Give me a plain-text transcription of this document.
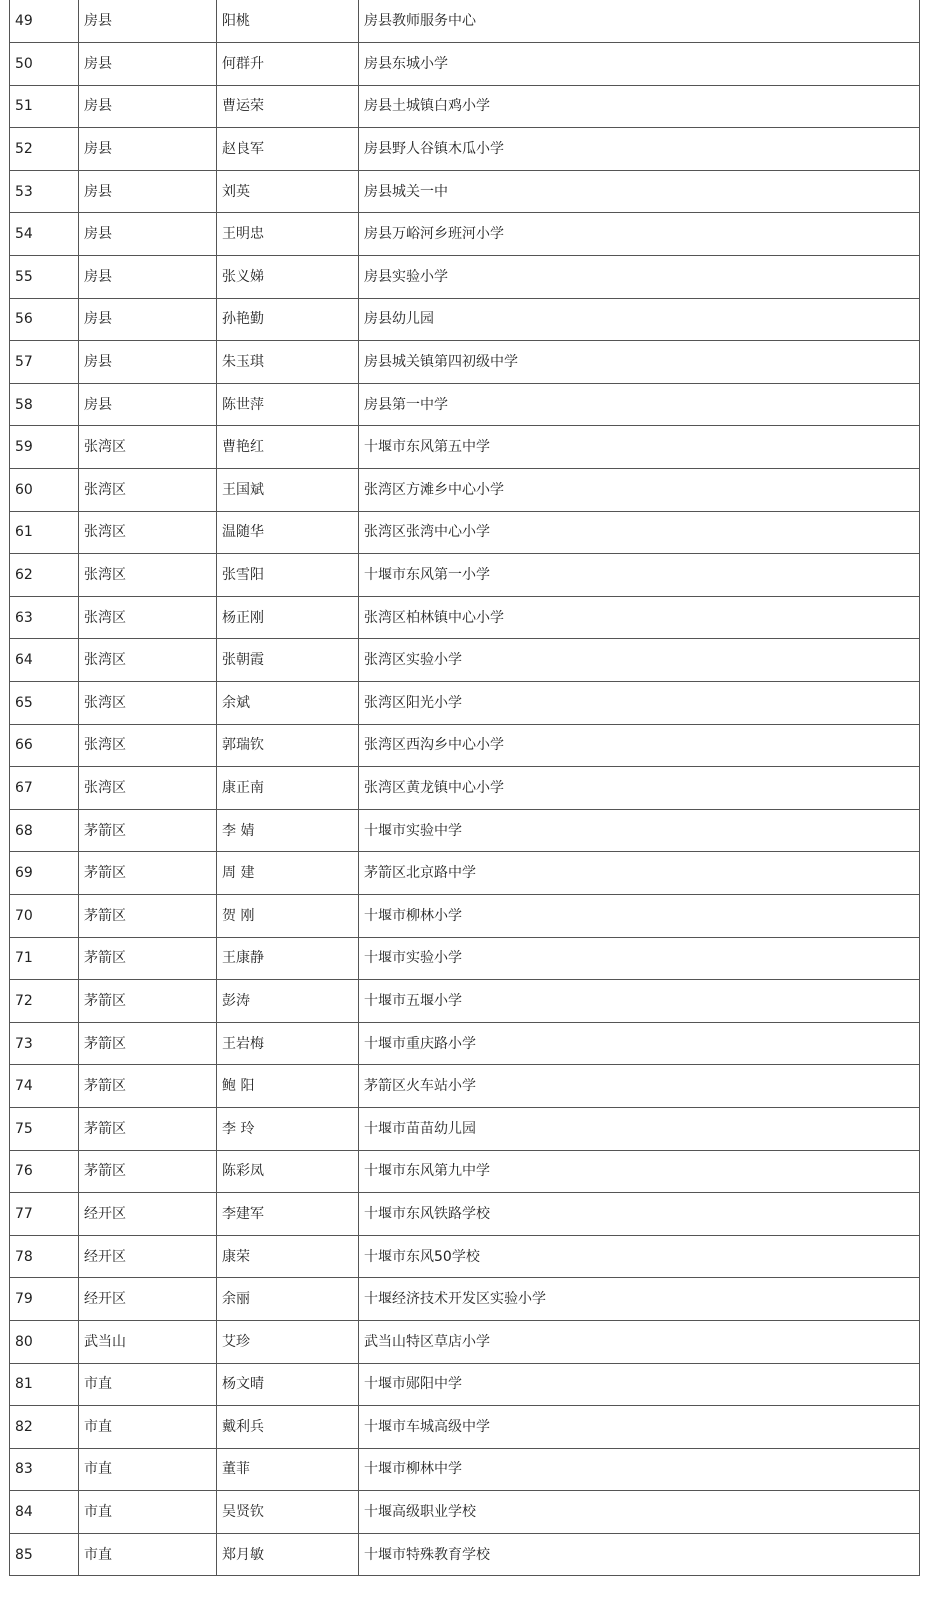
49	房县	阳桃	房县教师服务中心
50	房县	何群升	房县东城小学
51	房县	曹运荣	房县土城镇白鸡小学
52	房县	赵良军	房县野人谷镇木瓜小学
53	房县	刘英	房县城关一中
54	房县	王明忠	房县万峪河乡班河小学
55	房县	张义娣	房县实验小学
56	房县	孙艳勤	房县幼儿园
57	房县	朱玉琪	房县城关镇第四初级中学
58	房县	陈世萍	房县第一中学
59	张湾区	曹艳红	十堰市东风第五中学
60	张湾区	王国斌	张湾区方滩乡中心小学
61	张湾区	温随华	张湾区张湾中心小学
62	张湾区	张雪阳	十堰市东风第一小学
63	张湾区	杨正刚	张湾区柏林镇中心小学
64	张湾区	张朝霞	张湾区实验小学
65	张湾区	余斌	张湾区阳光小学
66	张湾区	郭瑞钦	张湾区西沟乡中心小学
67	张湾区	康正南	张湾区黄龙镇中心小学
68	茅箭区	李 婧	十堰市实验中学
69	茅箭区	周 建	茅箭区北京路中学
70	茅箭区	贺 刚	十堰市柳林小学
71	茅箭区	王康静	十堰市实验小学
72	茅箭区	彭涛	十堰市五堰小学
73	茅箭区	王岩梅	十堰市重庆路小学
74	茅箭区	鲍 阳	茅箭区火车站小学
75	茅箭区	李 玲	十堰市苗苗幼儿园
76	茅箭区	陈彩凤	十堰市东风第九中学
77	经开区	李建军	十堰市东风铁路学校
78	经开区	康荣	十堰市东风50学校
79	经开区	余丽	十堰经济技术开发区实验小学
80	武当山	艾珍	武当山特区草店小学
81	市直	杨文晴	十堰市郧阳中学
82	市直	戴利兵	十堰市车城高级中学
83	市直	董菲	十堰市柳林中学
84	市直	吴贤钦	十堰高级职业学校
85	市直	郑月敏	十堰市特殊教育学校
